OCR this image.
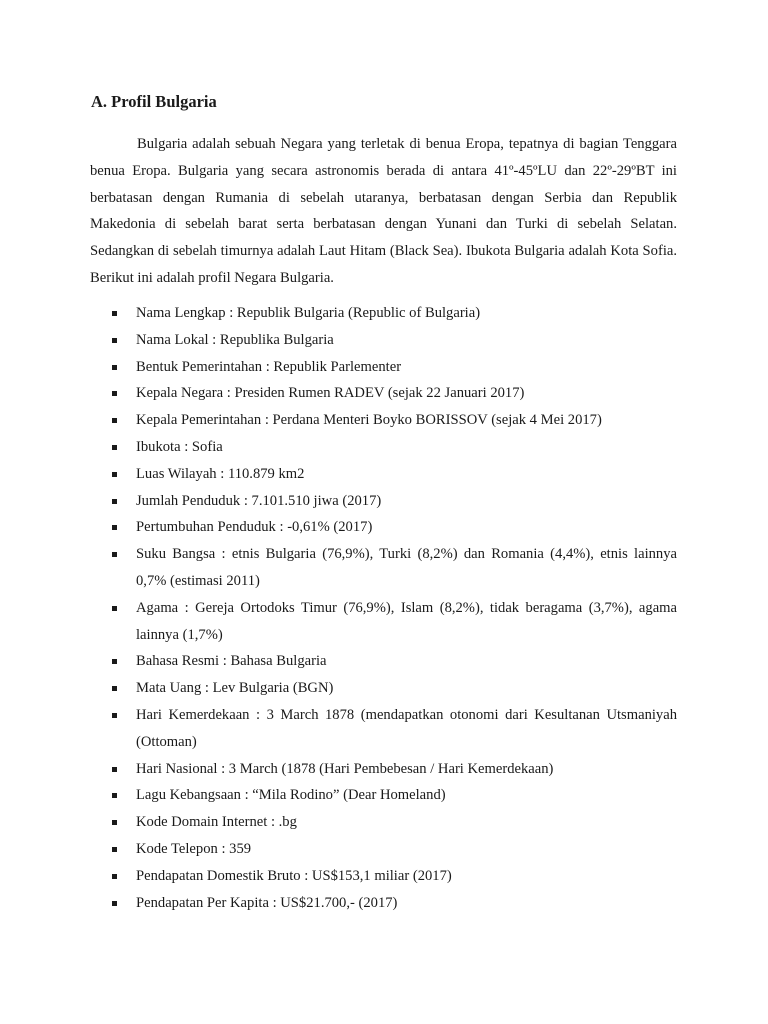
A. Profil Bulgaria

Bulgaria adalah sebuah Negara yang terletak di benua Eropa, tepatnya di bagian Tenggara benua Eropa. Bulgaria yang secara astronomis berada di antara 41º-45ºLU dan 22º-29ºBT ini berbatasan dengan Rumania di sebelah utaranya, berbatasan dengan Serbia dan Republik Makedonia di sebelah barat serta berbatasan dengan Yunani dan Turki di sebelah Selatan. Sedangkan di sebelah timurnya adalah Laut Hitam (Black Sea). Ibukota Bulgaria adalah Kota Sofia. Berikut ini adalah profil Negara Bulgaria.

Nama Lengkap : Republik Bulgaria (Republic of Bulgaria)
Nama Lokal : Republika Bulgaria
Bentuk Pemerintahan : Republik Parlementer
Kepala Negara : Presiden Rumen RADEV (sejak 22 Januari 2017)
Kepala Pemerintahan : Perdana Menteri Boyko BORISSOV (sejak 4 Mei 2017)
Ibukota : Sofia
Luas Wilayah : 110.879 km2
Jumlah Penduduk : 7.101.510 jiwa (2017)
Pertumbuhan Penduduk : -0,61% (2017)
Suku Bangsa : etnis Bulgaria (76,9%), Turki (8,2%) dan Romania (4,4%), etnis lainnya 0,7% (estimasi 2011)
Agama : Gereja Ortodoks Timur (76,9%), Islam (8,2%), tidak beragama (3,7%), agama lainnya (1,7%)
Bahasa Resmi : Bahasa Bulgaria
Mata Uang : Lev Bulgaria (BGN)
Hari Kemerdekaan : 3 March 1878 (mendapatkan otonomi dari Kesultanan Utsmaniyah (Ottoman)
Hari Nasional : 3 March (1878 (Hari Pembebesan / Hari Kemerdekaan)
Lagu Kebangsaan : “Mila Rodino” (Dear Homeland)
Kode Domain Internet : .bg
Kode Telepon : 359
Pendapatan Domestik Bruto : US$153,1 miliar (2017)
Pendapatan Per Kapita : US$21.700,- (2017)
